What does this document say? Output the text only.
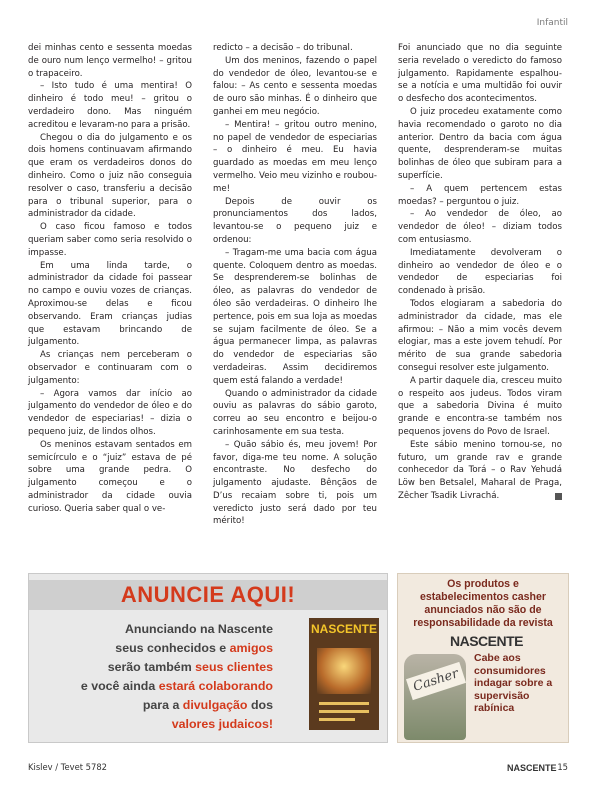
Infantil

dei minhas cento e sessenta moedas de ouro num lenço vermelho! – gritou o trapaceiro.

– Isto tudo é uma mentira! O dinheiro é todo meu! – gritou o verdadeiro dono. Mas ninguém acreditou e levaram-no para a prisão.

Chegou o dia do julgamento e os dois homens continuavam afirmando que eram os verdadeiros donos do dinheiro. Como o juiz não conseguia resolver o caso, transferiu a decisão para o tribunal superior, para o administrador da cidade.

O caso ficou famoso e todos queriam saber como seria resolvido o impasse.

Em uma linda tarde, o administrador da cidade foi passear no campo e ouviu vozes de crianças. Aproximou-se delas e ficou observando. Eram crianças judias que estavam brincando de julgamento.

As crianças nem perceberam o observador e continuaram com o julgamento:

– Agora vamos dar início ao julgamento do vendedor de óleo e do vendedor de especiarias! – dizia o pequeno juiz, de lindos olhos.

Os meninos estavam sentados em semicírculo e o “juiz” estava de pé sobre uma grande pedra. O julgamento começou e o administrador da cidade ouvia curioso. Queria saber qual o ve-

redicto – a decisão – do tribunal.

Um dos meninos, fazendo o papel do vendedor de óleo, levantou-se e falou: – As cento e sessenta moedas de ouro são minhas. É o dinheiro que ganhei em meu negócio.

– Mentira! – gritou outro menino, no papel de vendedor de especiarias – o dinheiro é meu. Eu havia guardado as moedas em meu lenço vermelho. Veio meu vizinho e roubou-me!

Depois de ouvir os pronunciamentos dos lados, levantou-se o pequeno juiz e ordenou:

– Tragam-me uma bacia com água quente. Coloquem dentro as moedas. Se desprenderem-se bolinhas de óleo, as palavras do vendedor de óleo são verdadeiras. O dinheiro lhe pertence, pois em sua loja as moedas se sujam facilmente de óleo. Se a água permanecer limpa, as palavras do vendedor de especiarias são verdadeiras. Assim decidiremos quem está falando a verdade!

Quando o administrador da cidade ouviu as palavras do sábio garoto, correu ao seu encontro e beijou-o carinhosamente em sua testa.

– Quão sábio és, meu jovem! Por favor, diga-me teu nome. A solução encontraste. No desfecho do julgamento ajudaste. Bênçãos de D’us recaiam sobre ti, pois um veredicto justo será dado por teu mérito!

Foi anunciado que no dia seguinte seria revelado o veredicto do famoso julgamento. Rapidamente espalhou-se a notícia e uma multidão foi ouvir o desfecho dos acontecimentos.

O juiz procedeu exatamente como havia recomendado o garoto no dia anterior. Dentro da bacia com água quente, desprenderam-se muitas bolinhas de óleo que subiram para a superfície.

– A quem pertencem estas moedas? – perguntou o juiz.

– Ao vendedor de óleo, ao vendedor de óleo! – diziam todos com entusiasmo.

Imediatamente devolveram o dinheiro ao vendedor de óleo e o vendedor de especiarias foi condenado à prisão.

Todos elogiaram a sabedoria do administrador da cidade, mas ele afirmou: – Não a mim vocês devem elogiar, mas a este jovem tehudí. Por mérito de sua grande sabedoria consegui resolver este julgamento.

A partir daquele dia, cresceu muito o respeito aos judeus. Todos viram que a sabedoria Divina é muito grande e encontra-se também nos pequenos jovens do Povo de Israel.

Este sábio menino tornou-se, no futuro, um grande rav e grande conhecedor da Torá – o Rav Yehudá Löw ben Betsalel, Maharal de Praga, Zêcher Tsadik Livrachá.

ANUNCIE AQUI!
Anunciando na Nascente
seus conhecidos e amigos
serão também seus clientes
e você ainda estará colaborando
para a divulgação dos
valores judaicos!
NASCENTE
Os produtos e estabelecimentos casher anunciados não são de responsabilidade da revista
NASCENTE
Cabe aos consumidores indagar sobre a supervisão rabínica
Casher
Kislev / Tevet 5782	NASCENTE 15
